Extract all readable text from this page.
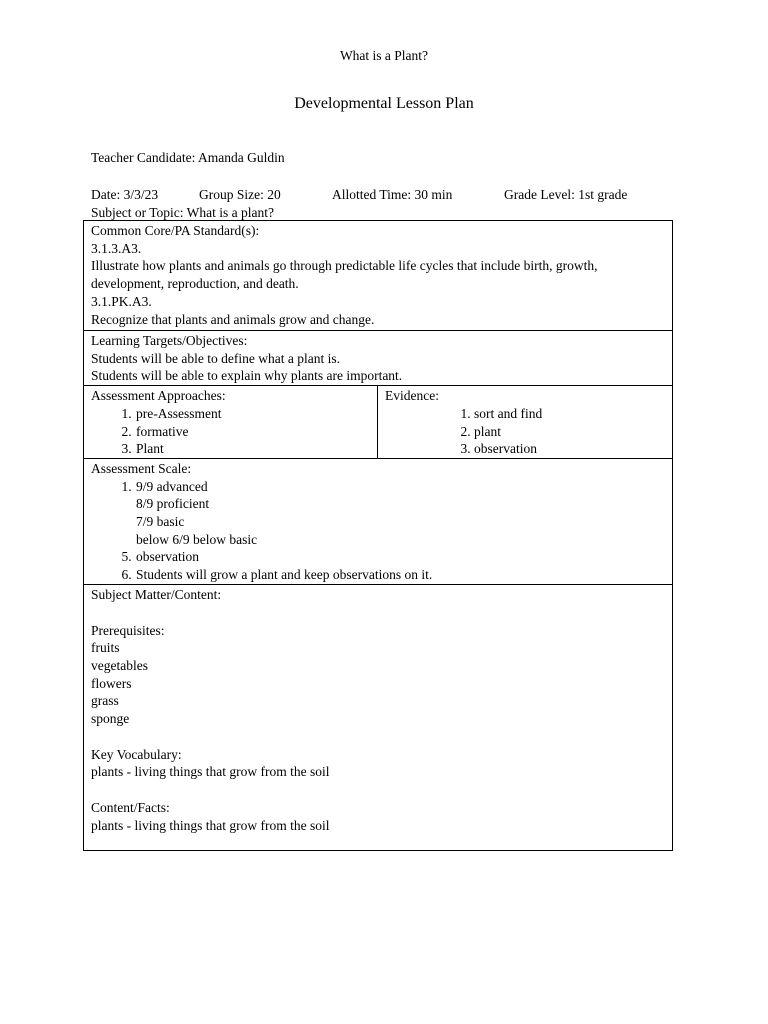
What is a Plant?
Developmental Lesson Plan
Teacher Candidate: Amanda Guldin
Date: 3/3/23	Group Size: 20	Allotted Time: 30 min	Grade Level: 1st grade
Subject or Topic: What is a plant?
Common Core/PA Standard(s):
3.1.3.A3.
Illustrate how plants and animals go through predictable life cycles that include birth, growth, development, reproduction, and death.
3.1.PK.A3.
Recognize that plants and animals grow and change.

Learning Targets/Objectives:
Students will be able to define what a plant is.
Students will be able to explain why plants are important.

Assessment Approaches:
1. pre-Assessment
2. formative
3. Plant

Evidence:
1. sort and find
2. plant
3. observation

Assessment Scale:
1. 9/9 advanced
8/9 proficient
7/9 basic
below 6/9 below basic
5. observation
6. Students will grow a plant and keep observations on it.

Subject Matter/Content:
Prerequisites:
fruits
vegetables
flowers
grass
sponge
Key Vocabulary:
plants - living things that grow from the soil
Content/Facts:
plants - living things that grow from the soil
